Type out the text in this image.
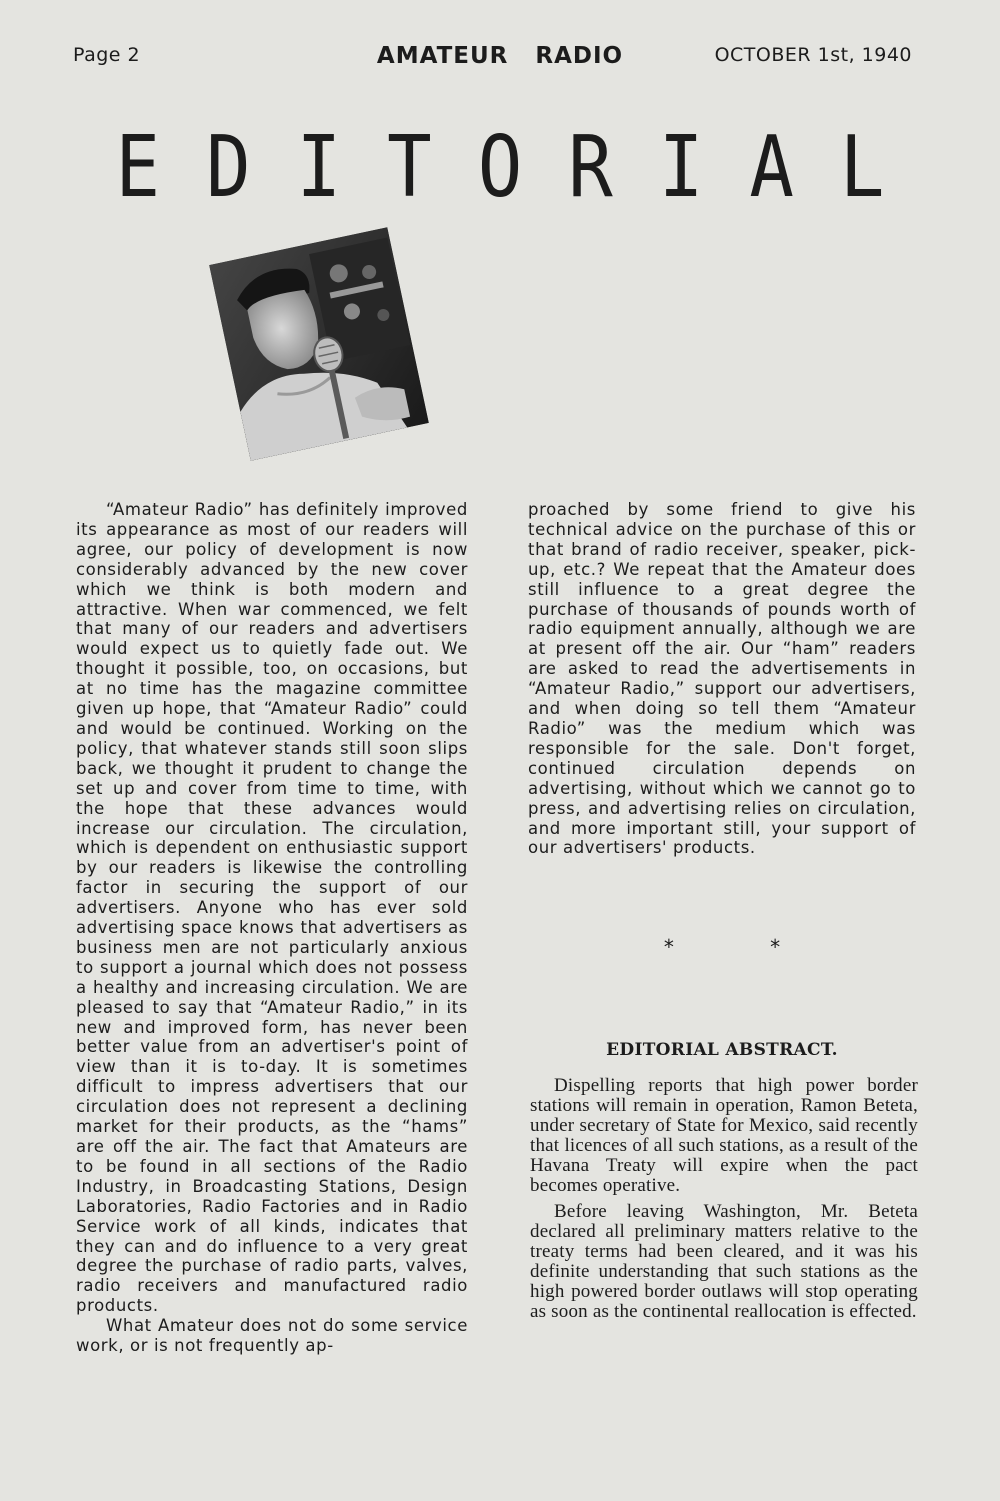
Page 2	AMATEUR RADIO	OCTOBER 1st, 1940
EDITORIAL

“Amateur Radio” has definitely improved its appearance as most of our readers will agree, our policy of development is now considerably advanced by the new cover which we think is both modern and attractive. When war commenced, we felt that many of our readers and advertisers would expect us to quietly fade out. We thought it possible, too, on occasions, but at no time has the magazine committee given up hope, that “Amateur Radio” could and would be continued. Working on the policy, that whatever stands still soon slips back, we thought it prudent to change the set up and cover from time to time, with the hope that these advances would increase our circulation. The circulation, which is dependent on enthusiastic support by our readers is likewise the controlling factor in securing the support of our advertisers. Anyone who has ever sold advertising space knows that advertisers as business men are not particularly anxious to support a journal which does not possess a healthy and increasing circulation. We are pleased to say that “Amateur Radio,” in its new and improved form, has never been better value from an advertiser's point of view than it is to-day. It is sometimes difficult to impress advertisers that our circulation does not represent a declining market for their products, as the “hams” are off the air. The fact that Amateurs are to be found in all sections of the Radio Industry, in Broadcasting Stations, Design Laboratories, Radio Factories and in Radio Service work of all kinds, indicates that they can and do influence to a very great degree the purchase of radio parts, valves, radio receivers and manufactured radio products.

What Amateur does not do some service work, or is not frequently ap-

proached by some friend to give his technical advice on the purchase of this or that brand of radio receiver, speaker, pick-up, etc.? We repeat that the Amateur does still influence to a great degree the purchase of thousands of pounds worth of radio equipment annually, although we are at present off the air. Our “ham” readers are asked to read the advertisements in “Amateur Radio,” support our advertisers, and when doing so tell them “Amateur Radio” was the medium which was responsible for the sale. Don't forget, continued circulation depends on advertising, without which we cannot go to press, and advertising relies on circulation, and more important still, your support of our advertisers' products.

* *
EDITORIAL ABSTRACT.

Dispelling reports that high power border stations will remain in operation, Ramon Beteta, under secretary of State for Mexico, said recently that licences of all such stations, as a result of the Havana Treaty will expire when the pact becomes operative.

Before leaving Washington, Mr. Beteta declared all preliminary matters relative to the treaty terms had been cleared, and it was his definite understanding that such stations as the high powered border outlaws will stop operating as soon as the continental reallocation is effected.
